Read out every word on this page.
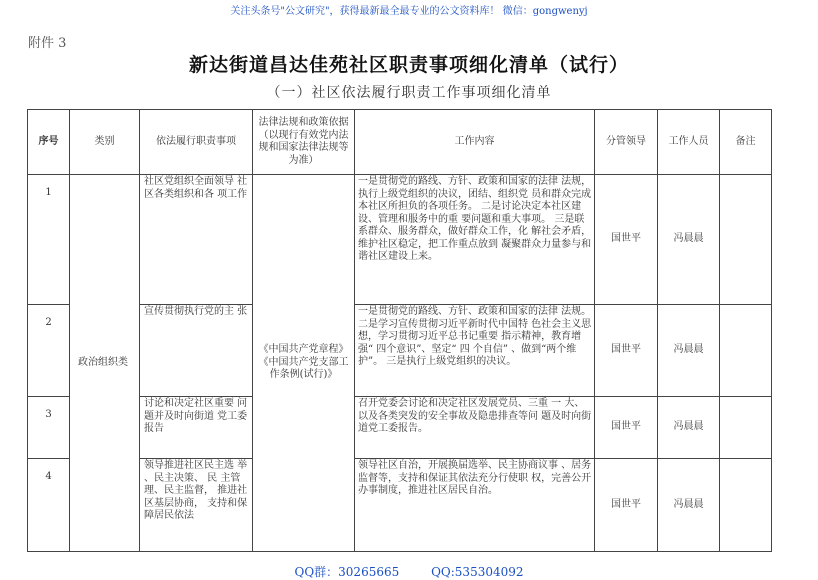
关注头条号"公文研究"，获得最新最全最专业的公文资料库！ 微信：gongwenyj
附件 3
新达街道昌达佳苑社区职责事项细化清单（试行）
（一）社区依法履行职责工作事项细化清单
序号	类别	依法履行职责事项	法律法规和政策依据 （以现行有效党内法 规和国家法律法规等 为准）	工作内容	分管领导	工作人员	备注
1	政治组织类	社区党组织全面领导 社区各类组织和各 项工作	《中国共产党章程》 《中国共产党支部工 作条例(试行)》	一是贯彻党的路线、方针、政策和国家的法律 法规，执行上级党组织的决议，团结、组织党 员和群众完成本社区所担负的各项任务。 二是讨论决定本社区建设、管理和服务中的重 要问题和重大事项。 三是联系群众、服务群众，做好群众工作，化 解社会矛盾，维护社区稳定，把工作重点放到 凝聚群众力量参与和谐社区建设上来。	国世平	冯晨晨	
2		宣传贯彻执行党的主 张		一是贯彻党的路线、方针、政策和国家的法律 法规。二是学习宣传贯彻习近平新时代中国特 色社会主义思想，学习贯彻习近平总书记重要 指示精神，教育增强“ 四个意识”、坚定“ 四 个自信” 、做到“两个维护”。 三是执行上级党组织的决议。	国世平	冯晨晨	
3		讨论和决定社区重要 问题并及时向街道 党工委报告		召开党委会讨论和决定社区发展党员、三重 一 大、以及各类突发的安全事故及隐患排查等问 题及时向街道党工委报告。	国世平	冯晨晨	
4		领导推进社区民主选 举 、民主决策、 民 主管理、民主监督， 推进社区基层协商， 支持和保障居民依法		领导社区自治，开展换届选举、民主协商议事 、居务监督等，支持和保证其依法充分行使职 权，完善公开办事制度，推进社区居民自治。	国世平	冯晨晨	
QQ群：30265665	QQ:535304092
